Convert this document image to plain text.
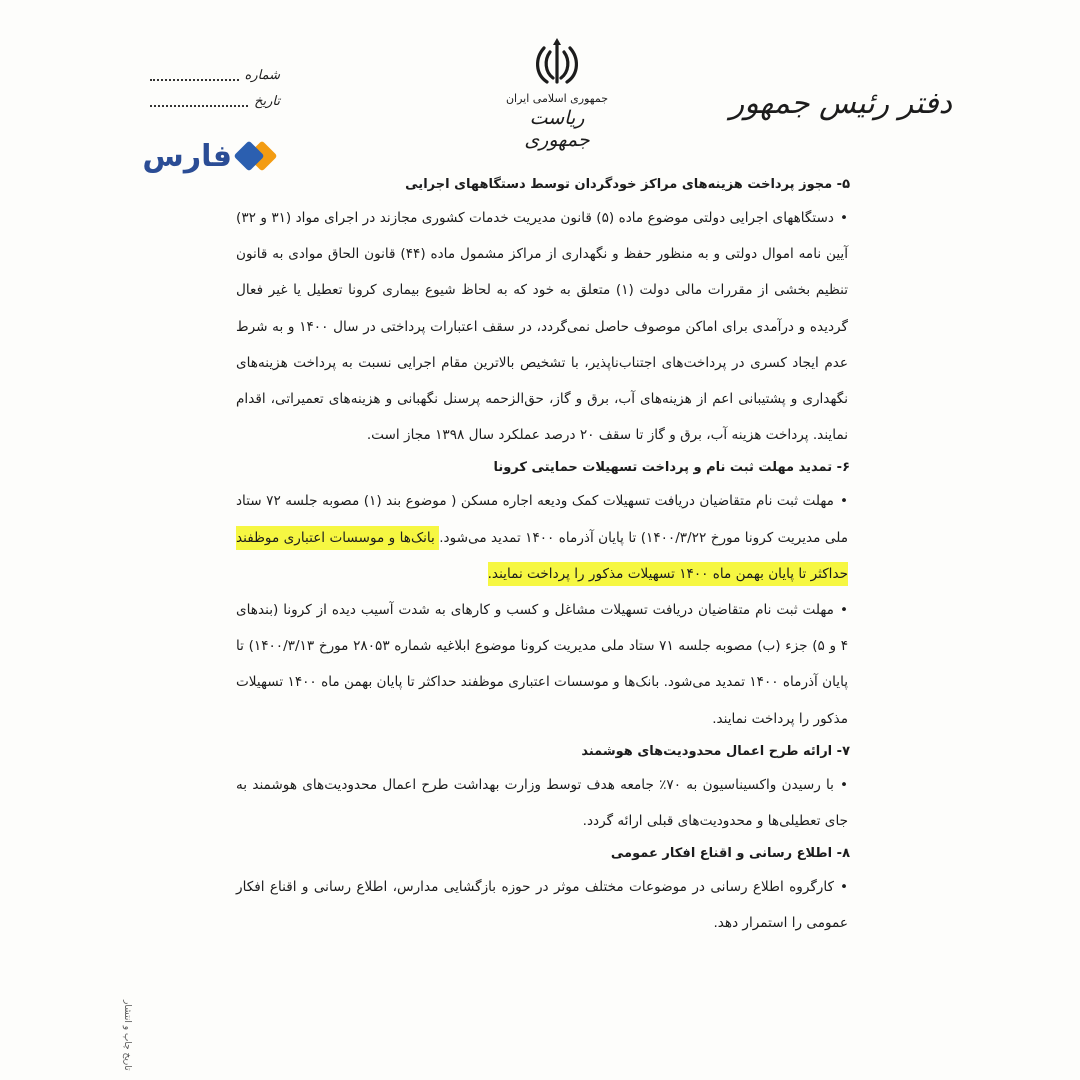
جمهوری اسلامی ایران
ریاست جمهوری
دفتر رئیس جمهور
شماره
تاریخ
فارس
۵- مجوز پرداخت هزینه‌های مراکز خودگردان توسط دستگاههای اجرایی

•دستگاههای اجرایی دولتی موضوع ماده (۵) قانون مدیریت خدمات کشوری مجازند در اجرای مواد (۳۱ و ۳۲) آیین نامه اموال دولتی و به منظور حفظ و نگهداری از مراکز مشمول ماده (۴۴) قانون الحاق موادی به قانون تنظیم بخشی از مقررات مالی دولت (۱) متعلق به خود که به لحاظ شیوع بیماری کرونا تعطیل یا غیر فعال گردیده و درآمدی برای اماکن موصوف حاصل نمی‌گردد، در سقف اعتبارات پرداختی در سال ۱۴۰۰ و به شرط عدم ایجاد کسری در پرداخت‌های اجتناب‌ناپذیر، با تشخیص بالاترین مقام اجرایی نسبت به پرداخت هزینه‌های نگهداری و پشتیبانی اعم از هزینه‌های آب، برق و گاز، حق‌الزحمه پرسنل نگهبانی و هزینه‌های تعمیراتی، اقدام نمایند. پرداخت هزینه آب، برق و گاز تا سقف ۲۰ درصد عملکرد سال ۱۳۹۸ مجاز است.

۶- تمدید مهلت ثبت نام و پرداخت تسهیلات حمایتی کرونا

•مهلت ثبت نام متقاضیان دریافت تسهیلات کمک ودیعه اجاره مسکن ( موضوع بند (۱) مصوبه جلسه ۷۲ ستاد ملی مدیریت کرونا مورخ ۱۴۰۰/۳/۲۲) تا پایان آذرماه ۱۴۰۰ تمدید می‌شود. بانک‌ها و موسسات اعتباری موظفند حداکثر تا پایان بهمن ماه ۱۴۰۰ تسهیلات مذکور را پرداخت نمایند.

•مهلت ثبت نام متقاضیان دریافت تسهیلات مشاغل و کسب و کارهای به شدت آسیب دیده از کرونا (بندهای ۴ و ۵) جزء (ب) مصوبه جلسه ۷۱ ستاد ملی مدیریت کرونا موضوع ابلاغیه شماره ۲۸۰۵۳ مورخ ۱۴۰۰/۳/۱۳) تا پایان آذرماه ۱۴۰۰ تمدید می‌شود. بانک‌ها و موسسات اعتباری موظفند حداکثر تا پایان بهمن ماه ۱۴۰۰ تسهیلات مذکور را پرداخت نمایند.

۷- ارائه طرح اعمال محدودیت‌های هوشمند

•با رسیدن واکسیناسیون به ۷۰٪ جامعه هدف توسط وزارت بهداشت طرح اعمال محدودیت‌های هوشمند به جای تعطیلی‌ها و محدودیت‌های قبلی ارائه گردد.

۸- اطلاع رسانی و اقناع افکار عمومی

•کارگروه اطلاع رسانی در موضوعات مختلف موثر در حوزه بازگشایی مدارس، اطلاع رسانی و اقناع افکار عمومی را استمرار دهد.

تاریخ چاپ و انتشار
